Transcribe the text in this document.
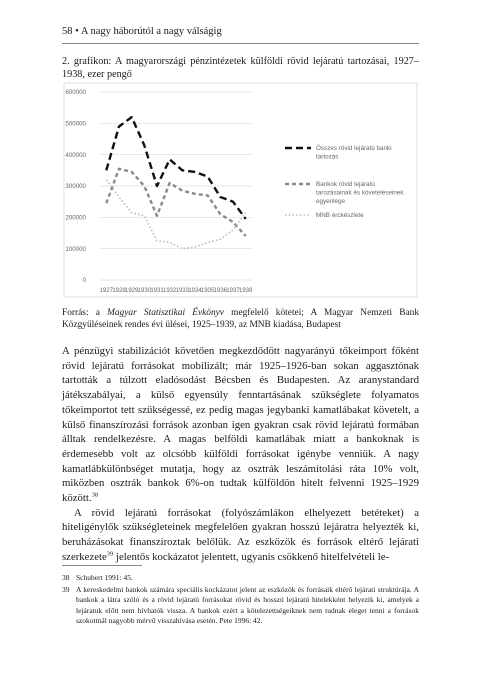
58 • A nagy háborútól a nagy válságig
2. grafikon: A magyarországi pénzintézetek külföldi rövid lejáratú tartozásai, 1927–1938, ezer pengő
0
100000
200000
300000
400000
500000
600000
1927 1928 1929 1930 1931 1932 1933 1934 1935 1936 1937 1938
Összes rövid lejáratú banki tartozás
Bankok rövid lejáratú tarozásainak és követeléseinek egyenlege
MNB érckészlete
Forrás: a Magyar Statisztikai Évkönyv megfelelő kötetei; A Magyar Nemzeti Bank Közgyűléseinek rendes évi ülései, 1925–1939, az MNB kiadása, Budapest

A pénzügyi stabilizációt követően megkezdődött nagyarányú tőkeimport főként rövid lejáratú forrásokat mobilizált; már 1925–1926-ban sokan aggasztónak tartották a túlzott eladósodást Bécsben és Budapesten. Az aranystandard játékszabályai, a külső egyensúly fenntartásának szükséglete folyamatos tőkeimportot tett szükségessé, ez pedig magas jegybanki kamatlábakat követelt, a külső finanszírozási források azonban igen gyakran csak rövid lejáratú formában álltak rendelkezésre. A magas belföldi kamatlábak miatt a bankoknak is érdemesebb volt az olcsóbb külföldi forrásokat igénybe venniük. A nagy kamatlábkülönbséget mutatja, hogy az osztrák leszámítolási ráta 10% volt, miközben osztrák bankok 6%-on tudtak külföldön hitelt felvenni 1925–1929 között.$^{38}$

A rövid lejáratú forrásokat (folyószámlákon elhelyezett betéteket) a hiteligénylők szükségleteinek megfelelően gyakran hosszú lejáratra helyezték ki, beruházásokat finanszíroztak belőlük. Az eszközök és források eltérő lejárati szerkezete$^{39}$ jelentős kockázatot jelentett, ugyanis csökkenő hitelfelvételi le-

38 Schubert 1991: 45.
39 A kereskedelmi bankok számára speciális kockázatot jelent az eszközök és forrásaik eltérő lejárati struktúrája. A bankok a látra szóló és a rövid lejáratú forrásokat rövid és hosszú lejáratú hitelekként helyezik ki, amelyek a lejáratuk előtt nem hívhatók vissza. A bankok ezért a kötelezettségeiknek nem tudnak eleget tenni a források szokottnál nagyobb mérvű visszahívása esetén. Pete 1996: 42.
